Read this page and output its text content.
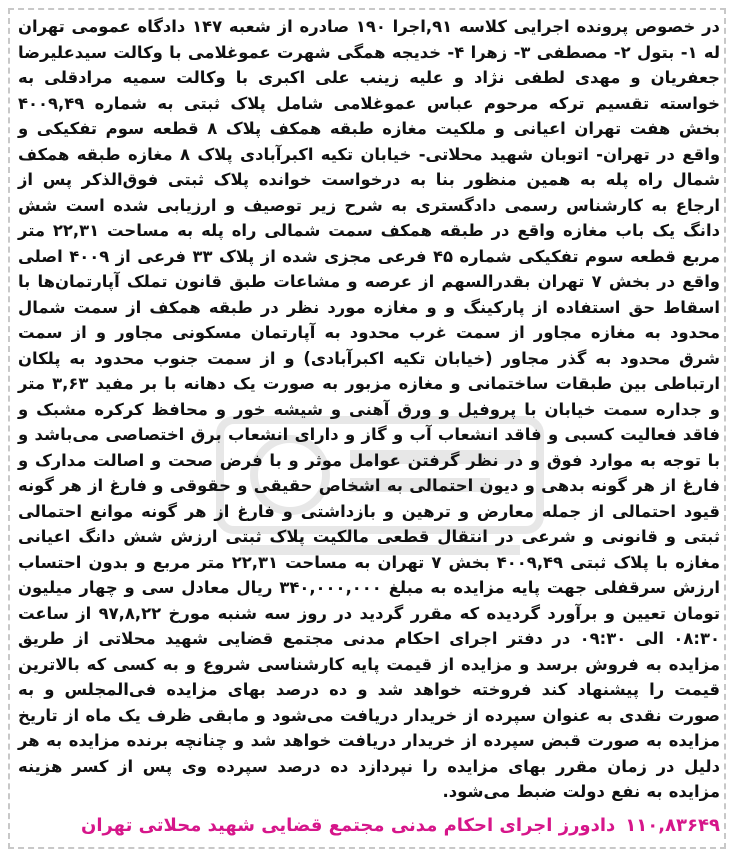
در خصوص پرونده اجرایی کلاسه ۹۱,اجرا ۱۹۰ صادره از شعبه ۱۴۷ دادگاه عمومی تهران له ۱- بتول ۲- مصطفی ۳- زهرا ۴- خدیجه همگی شهرت عموغلامی با وکالت سیدعلیرضا جعفریان و مهدی لطفی نژاد و علیه زینب علی اکبری با وکالت سمیه مرادقلی به خواسته تقسیم ترکه مرحوم عباس عموغلامی شامل پلاک ثبتی به شماره ۴۰۰۹,۴۹ بخش هفت تهران اعیانی و ملکیت مغازه طبقه همکف پلاک ۸ قطعه سوم تفکیکی و واقع در تهران- اتوبان شهید محلاتی- خیابان تکیه اکبرآبادی پلاک ۸ مغازه طبقه همکف شمال راه پله به همین منظور بنا به درخواست خوانده پلاک ثبتی فوق‌الذکر پس از ارجاع به کارشناس رسمی دادگستری به شرح زیر توصیف و ارزیابی شده است شش دانگ یک باب مغازه واقع در طبقه همکف سمت شمالی راه پله به مساحت ۲۲,۳۱ متر مربع قطعه سوم تفکیکی شماره ۴۵ فرعی مجزی شده از پلاک ۳۳ فرعی از ۴۰۰۹ اصلی واقع در بخش ۷ تهران بقدرالسهم از عرصه و مشاعات طبق قانون تملک آپارتمان‌ها با اسقاط حق استفاده از پارکینگ و و مغازه مورد نظر در طبقه همکف از سمت شمال محدود به مغازه مجاور از سمت غرب محدود به آپارتمان مسکونی مجاور و از سمت شرق محدود به گذر مجاور (خیابان تکیه اکبرآبادی) و از سمت جنوب محدود به پلکان ارتباطی بین طبقات ساختمانی و مغازه مزبور به صورت یک دهانه با بر مفید ۳,۶۳ متر و جداره سمت خیابان با پروفیل و ورق آهنی و شیشه خور و محافظ کرکره مشبک و فاقد فعالیت کسبی و فاقد انشعاب آب و گاز و دارای انشعاب برق اختصاصی می‌باشد و با توجه به موارد فوق و در نظر گرفتن عوامل موثر و با فرض صحت و اصالت مدارک و فارغ از هر گونه بدهی و دیون احتمالی به اشخاص حقیقی و حقوقی و فارغ از هر گونه قیود احتمالی از جمله معارض و ترهین و بازداشتی و فارغ از هر گونه موانع احتمالی ثبتی و قانونی و شرعی در انتقال قطعی مالکیت پلاک ثبتی ارزش شش دانگ اعیانی مغازه با پلاک ثبتی ۴۰۰۹,۴۹ بخش ۷ تهران به مساحت ۲۲,۳۱ متر مربع و بدون احتساب ارزش سرقفلی جهت پایه مزایده به مبلغ ۳۴۰,۰۰۰,۰۰۰ ریال معادل سی و چهار میلیون تومان تعیین و برآورد گردیده که مقرر گردید در روز سه شنبه مورخ ۹۷,۸,۲۲ از ساعت ۰۸:۳۰ الی ۰۹:۳۰ در دفتر اجرای احکام مدنی مجتمع قضایی شهید محلاتی از طریق مزایده به فروش برسد و مزایده از قیمت پایه کارشناسی شروع و به کسی که بالاترین قیمت را پیشنهاد کند فروخته خواهد شد و ده درصد بهای مزایده فی‌المجلس و به صورت نقدی به عنوان سپرده از خریدار دریافت می‌شود و مابقی ظرف یک ماه از تاریخ مزایده به صورت قبض سپرده از خریدار دریافت خواهد شد و چنانچه برنده مزایده به هر دلیل در زمان مقرر بهای مزایده را نپردازد ده درصد سپرده وی پس از کسر هزینه مزایده به نفع دولت ضبط می‌شود.

۱۱۰,۸۳۶۴۹دادورز اجرای احکام مدنی مجتمع قضایی شهید محلاتی تهران
